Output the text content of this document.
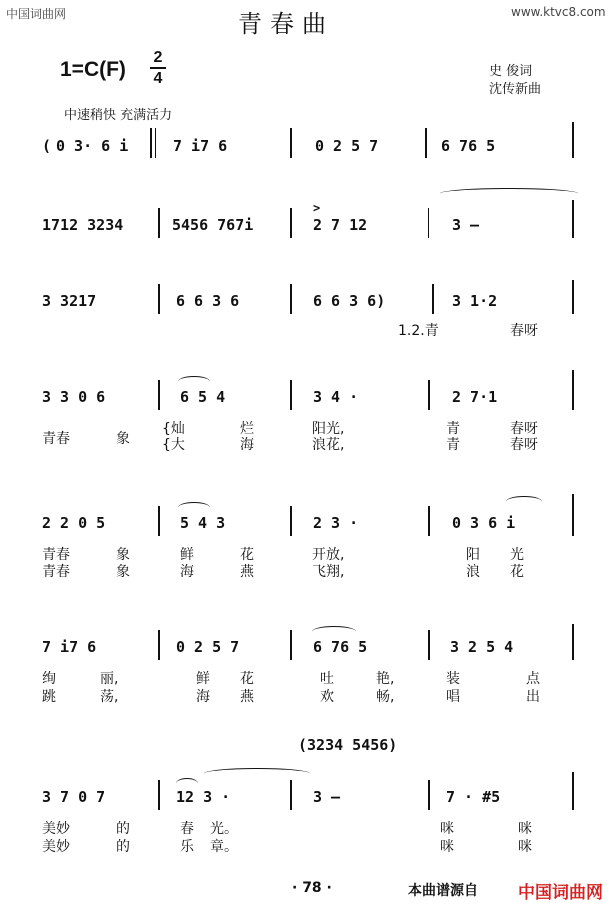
中国词曲网	www.ktvc8.com
青春曲
1=C(F)
2
4	史 俊词
沈传新曲
中速稍快 充满活力
( 0 3· 6 i	7 i7 6	0 2 5 7	6 76 5
1712 3234	5456 767i
>
2 7 12	3 –
3 3217	6 6 3 6	6 6 3 6)	3 1·2
1.2.青	春呀
3 3 0 6	6 5 4	3 4 ·	2 7·1
青春	象
{灿	烂	阳光,	青	春呀
{大	海	浪花,	青	春呀
2 2 0 5	5 4 3	2 3 ·	0 3 6 i
青春	象	鲜	花	开放,	阳 光
青春	象	海	燕	飞翔,	浪 花
7 i7 6	0 2 5 7	6 76 5	3 2 5 4
绚	丽,	鲜 花	吐	艳,	装	点
跳	荡,	海 燕	欢	畅,	唱	出
(3234 5456)
3 7 0 7	12 3 ·	3 –	7 · #5
美妙	的	春 光。	咪	咪
美妙	的	乐 章。	咪	咪
· 78 ·	本曲谱源自 中国词曲网
